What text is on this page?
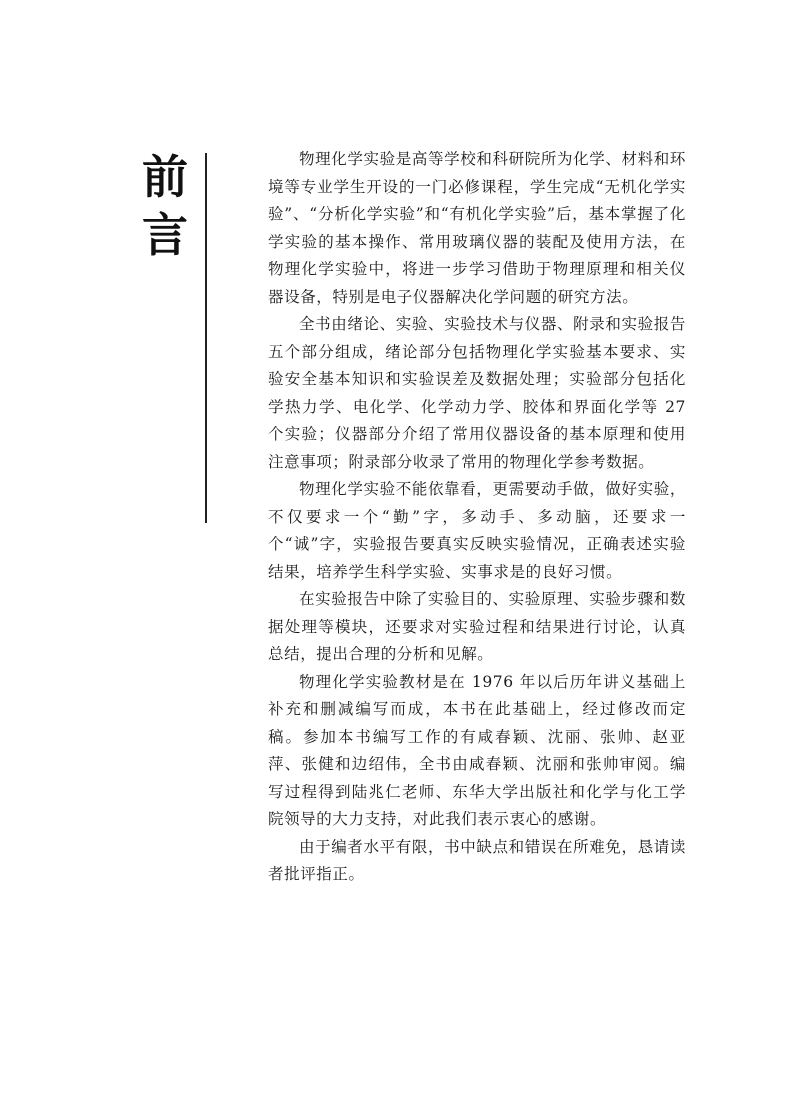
前
言

物理化学实验是高等学校和科研院所为化学、材料和环境等专业学生开设的一门必修课程，学生完成“无机化学实验”、“分析化学实验”和“有机化学实验”后，基本掌握了化学实验的基本操作、常用玻璃仪器的装配及使用方法，在物理化学实验中，将进一步学习借助于物理原理和相关仪器设备，特别是电子仪器解决化学问题的研究方法。

全书由绪论、实验、实验技术与仪器、附录和实验报告五个部分组成，绪论部分包括物理化学实验基本要求、实验安全基本知识和实验误差及数据处理；实验部分包括化学热力学、电化学、化学动力学、胶体和界面化学等 27 个实验；仪器部分介绍了常用仪器设备的基本原理和使用注意事项；附录部分收录了常用的物理化学参考数据。

物理化学实验不能依靠看，更需要动手做，做好实验，不仅要求一个“勤”字，多动手、多动脑，还要求一个“诚”字，实验报告要真实反映实验情况，正确表述实验结果，培养学生科学实验、实事求是的良好习惯。

在实验报告中除了实验目的、实验原理、实验步骤和数据处理等模块，还要求对实验过程和结果进行讨论，认真总结，提出合理的分析和见解。

物理化学实验教材是在 1976 年以后历年讲义基础上补充和删减编写而成，本书在此基础上，经过修改而定稿。参加本书编写工作的有咸春颖、沈丽、张帅、赵亚萍、张健和边绍伟，全书由咸春颖、沈丽和张帅审阅。编写过程得到陆兆仁老师、东华大学出版社和化学与化工学院领导的大力支持，对此我们表示衷心的感谢。

由于编者水平有限，书中缺点和错误在所难免，恳请读者批评指正。
